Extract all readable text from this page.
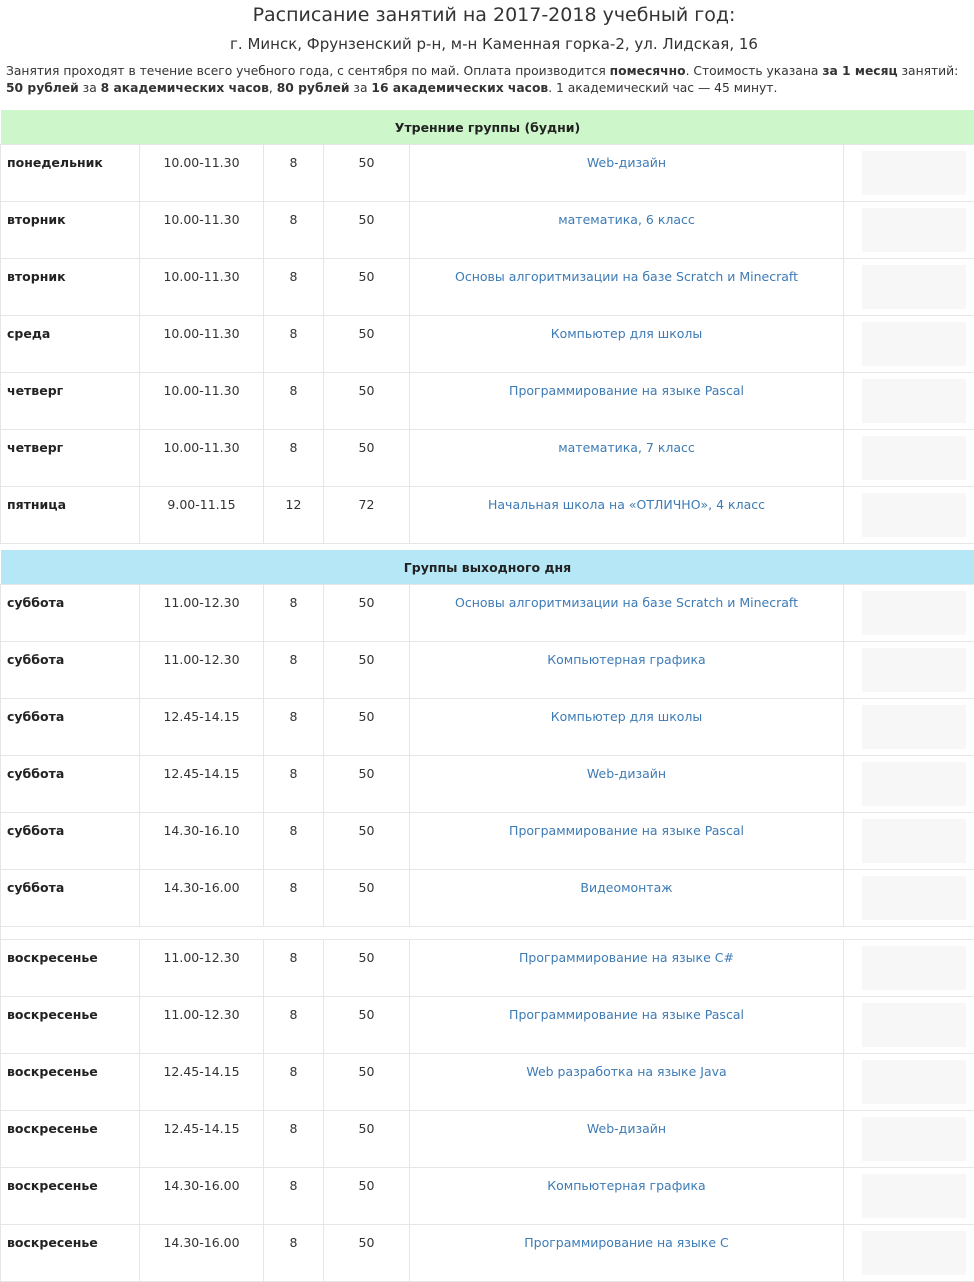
Расписание занятий на 2017-2018 учебный год:
г. Минск, Фрунзенский р-н, м-н Каменная горка-2, ул. Лидская, 16

Занятия проходят в течение всего учебного года, с сентября по май. Оплата производится помесячно. Стоимость указана за 1 месяц занятий:
50 рублей за 8 академических часов, 80 рублей за 16 академических часов. 1 академический час — 45 минут.

Утренние группы (будни)					

понедельник	10.00-11.30	8	50	Web-дизайн	

вторник	10.00-11.30	8	50	математика, 6 класс	

вторник	10.00-11.30	8	50	Основы алгоритмизации на базе Scratch и Minecraft	

среда	10.00-11.30	8	50	Компьютер для школы	

четверг	10.00-11.30	8	50	Программирование на языке Pascal	

четверг	10.00-11.30	8	50	математика, 7 класс	

пятница	9.00-11.15	12	72	Начальная школа на «ОТЛИЧНО», 4 класс	

Группы выходного дня					

суббота	11.00-12.30	8	50	Основы алгоритмизации на базе Scratch и Minecraft	

суббота	11.00-12.30	8	50	Компьютерная графика	

суббота	12.45-14.15	8	50	Компьютер для школы	

суббота	12.45-14.15	8	50	Web-дизайн	

суббота	14.30-16.10	8	50	Программирование на языке Pascal	

суббота	14.30-16.00	8	50	Видеомонтаж	

воскресенье	11.00-12.30	8	50	Программирование на языке C#	

воскресенье	11.00-12.30	8	50	Программирование на языке Pascal	

воскресенье	12.45-14.15	8	50	Web разработка на языке Java	

воскресенье	12.45-14.15	8	50	Web-дизайн	

воскресенье	14.30-16.00	8	50	Компьютерная графика	

воскресенье	14.30-16.00	8	50	Программирование на языке C	
